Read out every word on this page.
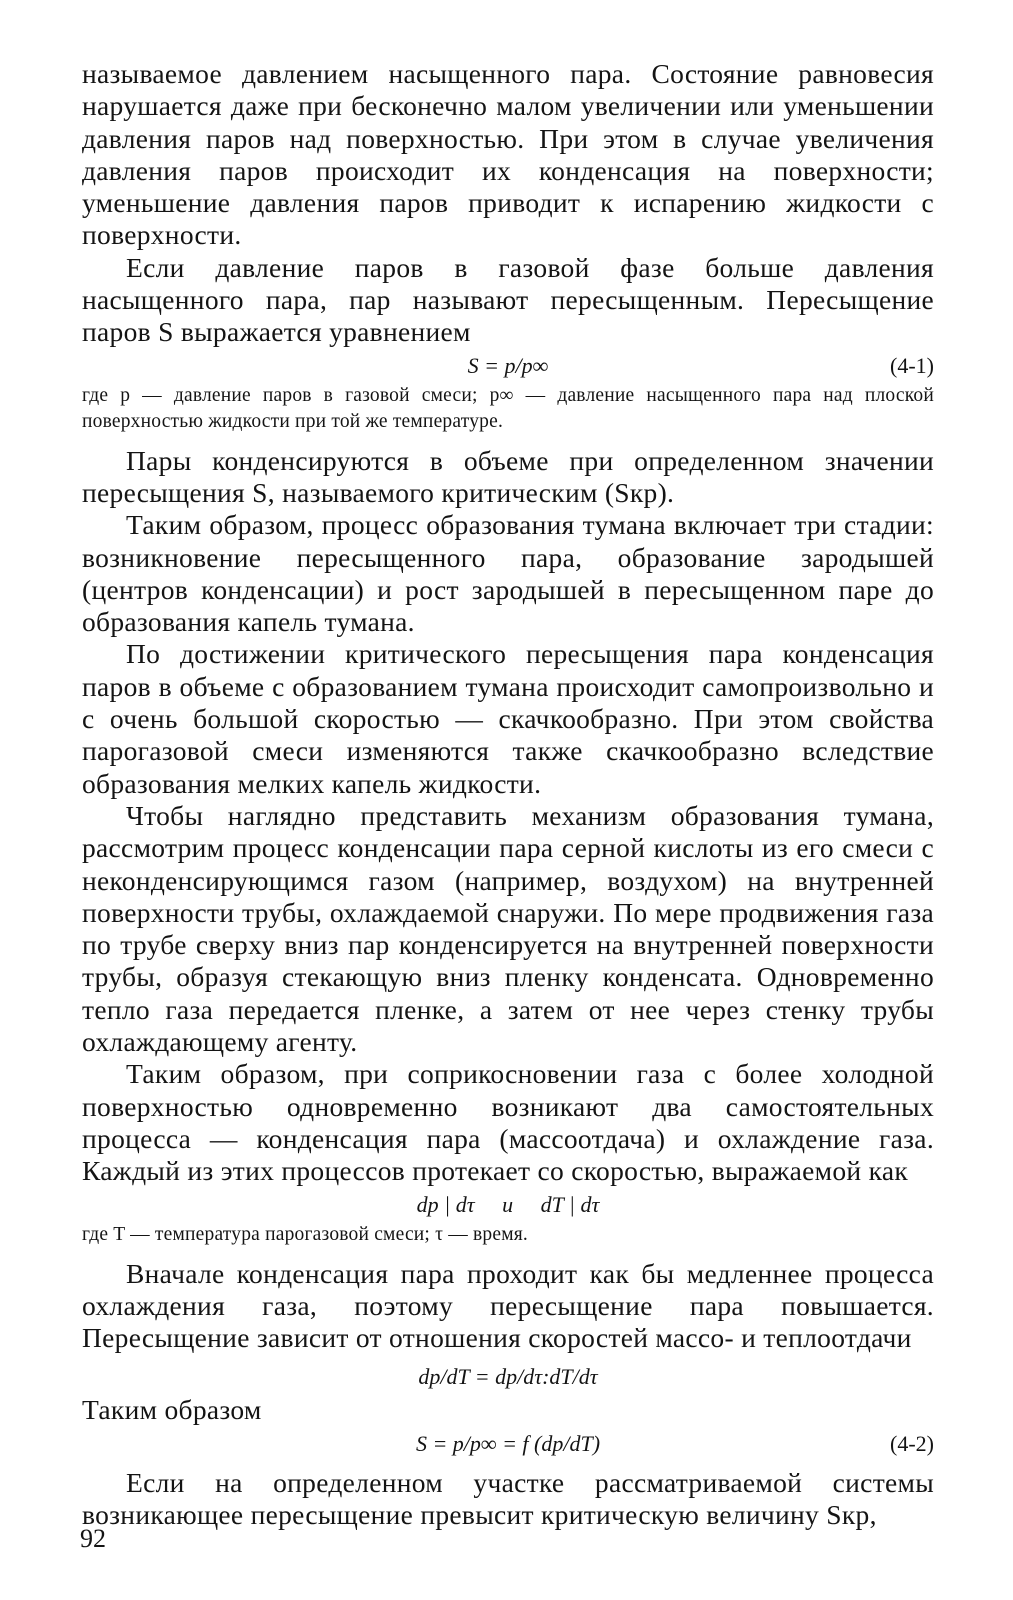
называемое давлением насыщенного пара. Состояние равновесия нарушается даже при бесконечно малом увеличении или уменьшении давления паров над поверхностью. При этом в случае увеличения давления паров происходит их конденсация на поверхности; уменьшение давления паров приводит к испарению жидкости с поверхности.

Если давление паров в газовой фазе больше давления насыщенного пара, пар называют пересыщенным. Пересыщение паров S выражается уравнением

S = p/p∞	(4-1)

где p — давление паров в газовой смеси; p∞ — давление насыщенного пара над плоской поверхностью жидкости при той же температуре.

Пары конденсируются в объеме при определенном значении пересыщения S, называемого критическим (Sкр).

Таким образом, процесс образования тумана включает три стадии: возникновение пересыщенного пара, образование зародышей (центров конденсации) и рост зародышей в пересыщенном паре до образования капель тумана.

По достижении критического пересыщения пара конденсация паров в объеме с образованием тумана происходит самопроизвольно и с очень большой скоростью — скачкообразно. При этом свойства парогазовой смеси изменяются также скачкообразно вследствие образования мелких капель жидкости.

Чтобы наглядно представить механизм образования тумана, рассмотрим процесс конденсации пара серной кислоты из его смеси с неконденсирующимся газом (например, воздухом) на внутренней поверхности трубы, охлаждаемой снаружи. По мере продвижения газа по трубе сверху вниз пар конденсируется на внутренней поверхности трубы, образуя стекающую вниз пленку конденсата. Одновременно тепло газа передается пленке, а затем от нее через стенку трубы охлаждающему агенту.

Таким образом, при соприкосновении газа с более холодной поверхностью одновременно возникают два самостоятельных процесса — конденсация пара (массоотдача) и охлаждение газа. Каждый из этих процессов протекает со скоростью, выражаемой как

dp | dτ     и     dT | dτ

где T — температура парогазовой смеси; τ — время.

Вначале конденсация пара проходит как бы медленнее процесса охлаждения газа, поэтому пересыщение пара повышается. Пересыщение зависит от отношения скоростей массо- и теплоотдачи

dp/dT = dp/dτ:dT/dτ

Таким образом

S = p/p∞ = f (dp/dT)	(4-2)

Если на определенном участке рассматриваемой системы возникающее пересыщение превысит критическую величину Sкр,

92
